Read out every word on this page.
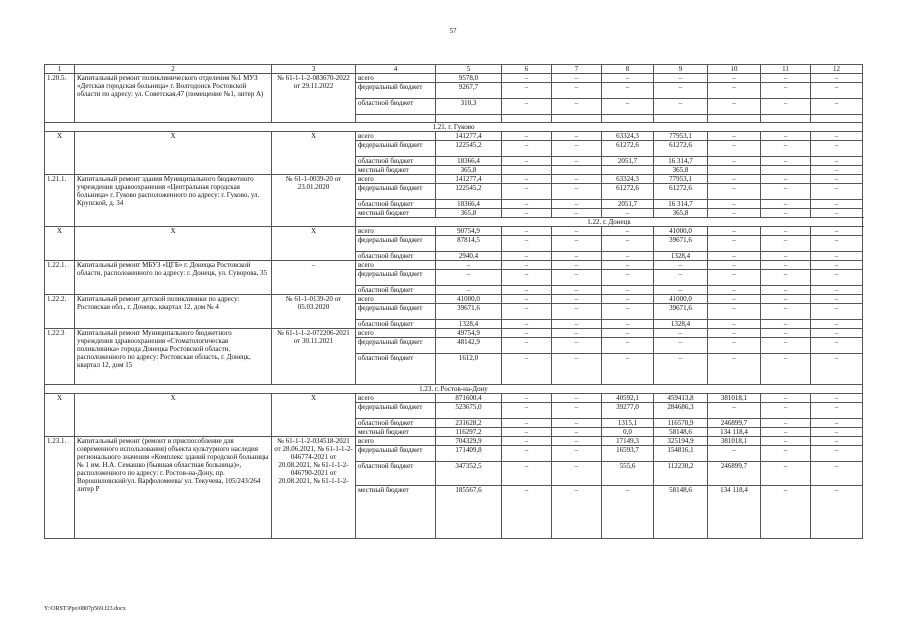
57
1	2	3	4	5	6	7	8	9	10	11	12
1.20.5.	Капитальный ремонт поликлинического отделения №1 МУЗ «Детская городская больница» г. Волгодонск Ростовской области по адресу: ул. Советская,47 (помещение №1, литер А)	№ 61-1-1-2-083670-2022 от 29.11.2022	всего	9578,0	–	–	–	–	–	–	–
			федеральный бюджет	9267,7	–	–	–	–	–	–	–
			областной бюджет	310,3	–	–	–	–	–	–	–

1.21. г. Гуково											
Х	Х	Х	всего	141277,4	–	–	63324,3	77953,1	–	–	–
			федеральный бюджет	122545,2	–	–	61272,6	61272,6	–	–	–
			областной бюджет	18366,4	–	–	2051,7	16 314,7	–	–	–
			местный бюджет	365,8				365,8			–
1.21.1.	Капитальный ремонт здания Муниципального бюджетного учреждения здравоохранения «Центральная городская больница» г. Гуково расположенного по адресу: г. Гуково, ул. Крупской, д. 34	№ 61-1-0039-20 от 23.01.2020	всего	141277,4	–	–	63324,3	77953,1	–	–	–
			федеральный бюджет	122545,2	–	–	61272,6	61272,6	–	–	–
			областной бюджет	18366,4	–	–	2051,7	16 314,7	–	–	–
			местный бюджет	365,8	–	–	–	365,8	–	–	–
			1.22. г. Донецк								
Х	Х	Х	всего	90754,9	–	–	–	41000,0	–	–	–
			федеральный бюджет	87814,5	–	–	–	39671,6	–	–	–
			областной бюджет	2940,4	–	–	–	1328,4	–	–	–
1.22.1.	Капитальный ремонт МБУЗ «ЦГБ» г. Донецка Ростовской области, расположенного по адресу: г. Донецк, ул. Суворова, 35	–	всего	–	–	–	–	–	–	–	–
			федеральный бюджет	–	–	–	–	–	–	–	–
			областной бюджет	–	–	–	–	–	–	–	–
1.22.2.	Капитальный ремонт детской поликлиники по адресу: Ростовская обл., г. Донецк, квартал 12, дом № 4	№ 61-1-0139-20 от 05.03.2020	всего	41000,0	–	–	–	41000,0	–	–	–
			федеральный бюджет	39671,6	–	–	–	39671,6	–	–	–
			областной бюджет	1328,4	–	–	–	1328,4	–	–	–
1.22.3	Капитальный ремонт Муниципального бюджетного учреждения здравоохранения «Стоматологическая поликлиника» города Донецка Ростовской области, расположенного по адресу: Ростовская область, г. Донецк, квартал 12, дом 15	№ 61-1-1-2-072206-2021 от 30.11.2021	всего	49754,9	–	–	–	–	–	–	–
			федеральный бюджет	48142,9	–	–	–	–	–	–	–
			областной бюджет	1612,0	–	–	–	–	–	–	–
1.23. г. Ростов-на-Дону											
Х	Х	Х	всего	871600,4	–	–	40592,1	459413,8	381018,1	–	–
			федеральный бюджет	523675,0	–	–	39277,0	284686,3	–	–	–
			областной бюджет	231628,2	–	–	1315,1	116578,9	246899,7	–	–
			местный бюджет	116297,2	–	–	0,0	58148,6	134 118,4	–	–
1.23.1.	Капитальный ремонт (ремонт и приспособление для современного использования) объекта культурного наследия регионального значения «Комплекс зданий городской больницы № 1 им. Н.А. Семашко (бывшая областная больница)», расположенного по адресу: г. Ростов-на-Дону, пр. Ворошиловский/ул. Варфоломеева/ ул. Текучева, 105/243/264 литер Р	№ 61-1-1-2-034518-2021 от 28.06.2021, № 61-1-1-2-046774-2021 от 20.08.2021, № 61-1-1-2-046790-2021 от 20.08.2021, № 61-1-1-2-	всего	704329,9	–	–	17149,3	325194,9	381018,1	–	–
			федеральный бюджет	171409,8	–	–	16593,7	154816,1	–	–	–
			областной бюджет	347352,5	–	–	555,6	112230,2	246899,7	–	–
			местный бюджет	185567,6	–	–	–	58148,6	134 118,4	–	–
Y:\ORST\Ppo\0807p569.f23.docx
